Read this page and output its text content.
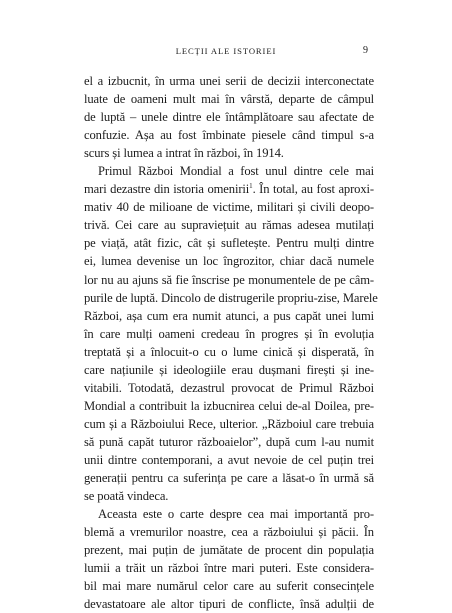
LECȚII ALE ISTORIEI	9
el a izbucnit, în urma unei serii de decizii interconectate
luate de oameni mult mai în vârstă, departe de câmpul
de luptă – unele dintre ele întâmplătoare sau afectate de
confuzie. Așa au fost îmbinate piesele când timpul s-a
scurs și lumea a intrat în război, în 1914.
Primul Război Mondial a fost unul dintre cele mai
mari dezastre din istoria omenirii$^1$. În total, au fost aproxi-
mativ 40 de milioane de victime, militari și civili deopo-
trivă. Cei care au supraviețuit au rămas adesea mutilați
pe viață, atât fizic, cât și sufletește. Pentru mulți dintre
ei, lumea devenise un loc îngrozitor, chiar dacă numele
lor nu au ajuns să fie înscrise pe monumentele de pe câm-
purile de luptă. Dincolo de distrugerile propriu-zise, Marele
Război, așa cum era numit atunci, a pus capăt unei lumi
în care mulți oameni credeau în progres și în evoluția
treptată și a înlocuit-o cu o lume cinică și disperată, în
care națiunile și ideologiile erau dușmani firești și ine-
vitabili. Totodată, dezastrul provocat de Primul Război
Mondial a contribuit la izbucnirea celui de-al Doilea, pre-
cum și a Războiului Rece, ulterior. „Războiul care trebuia
să pună capăt tuturor războaielor”, după cum l-au numit
unii dintre contemporani, a avut nevoie de cel puțin trei
generații pentru ca suferința pe care a lăsat-o în urmă să
se poată vindeca.
Aceasta este o carte despre cea mai importantă pro-
blemă a vremurilor noastre, cea a războiului și păcii. În
prezent, mai puțin de jumătate de procent din populația
lumii a trăit un război între mari puteri. Este considera-
bil mai mare numărul celor care au suferit consecințele
devastatoare ale altor tipuri de conflicte, însă adulții de
